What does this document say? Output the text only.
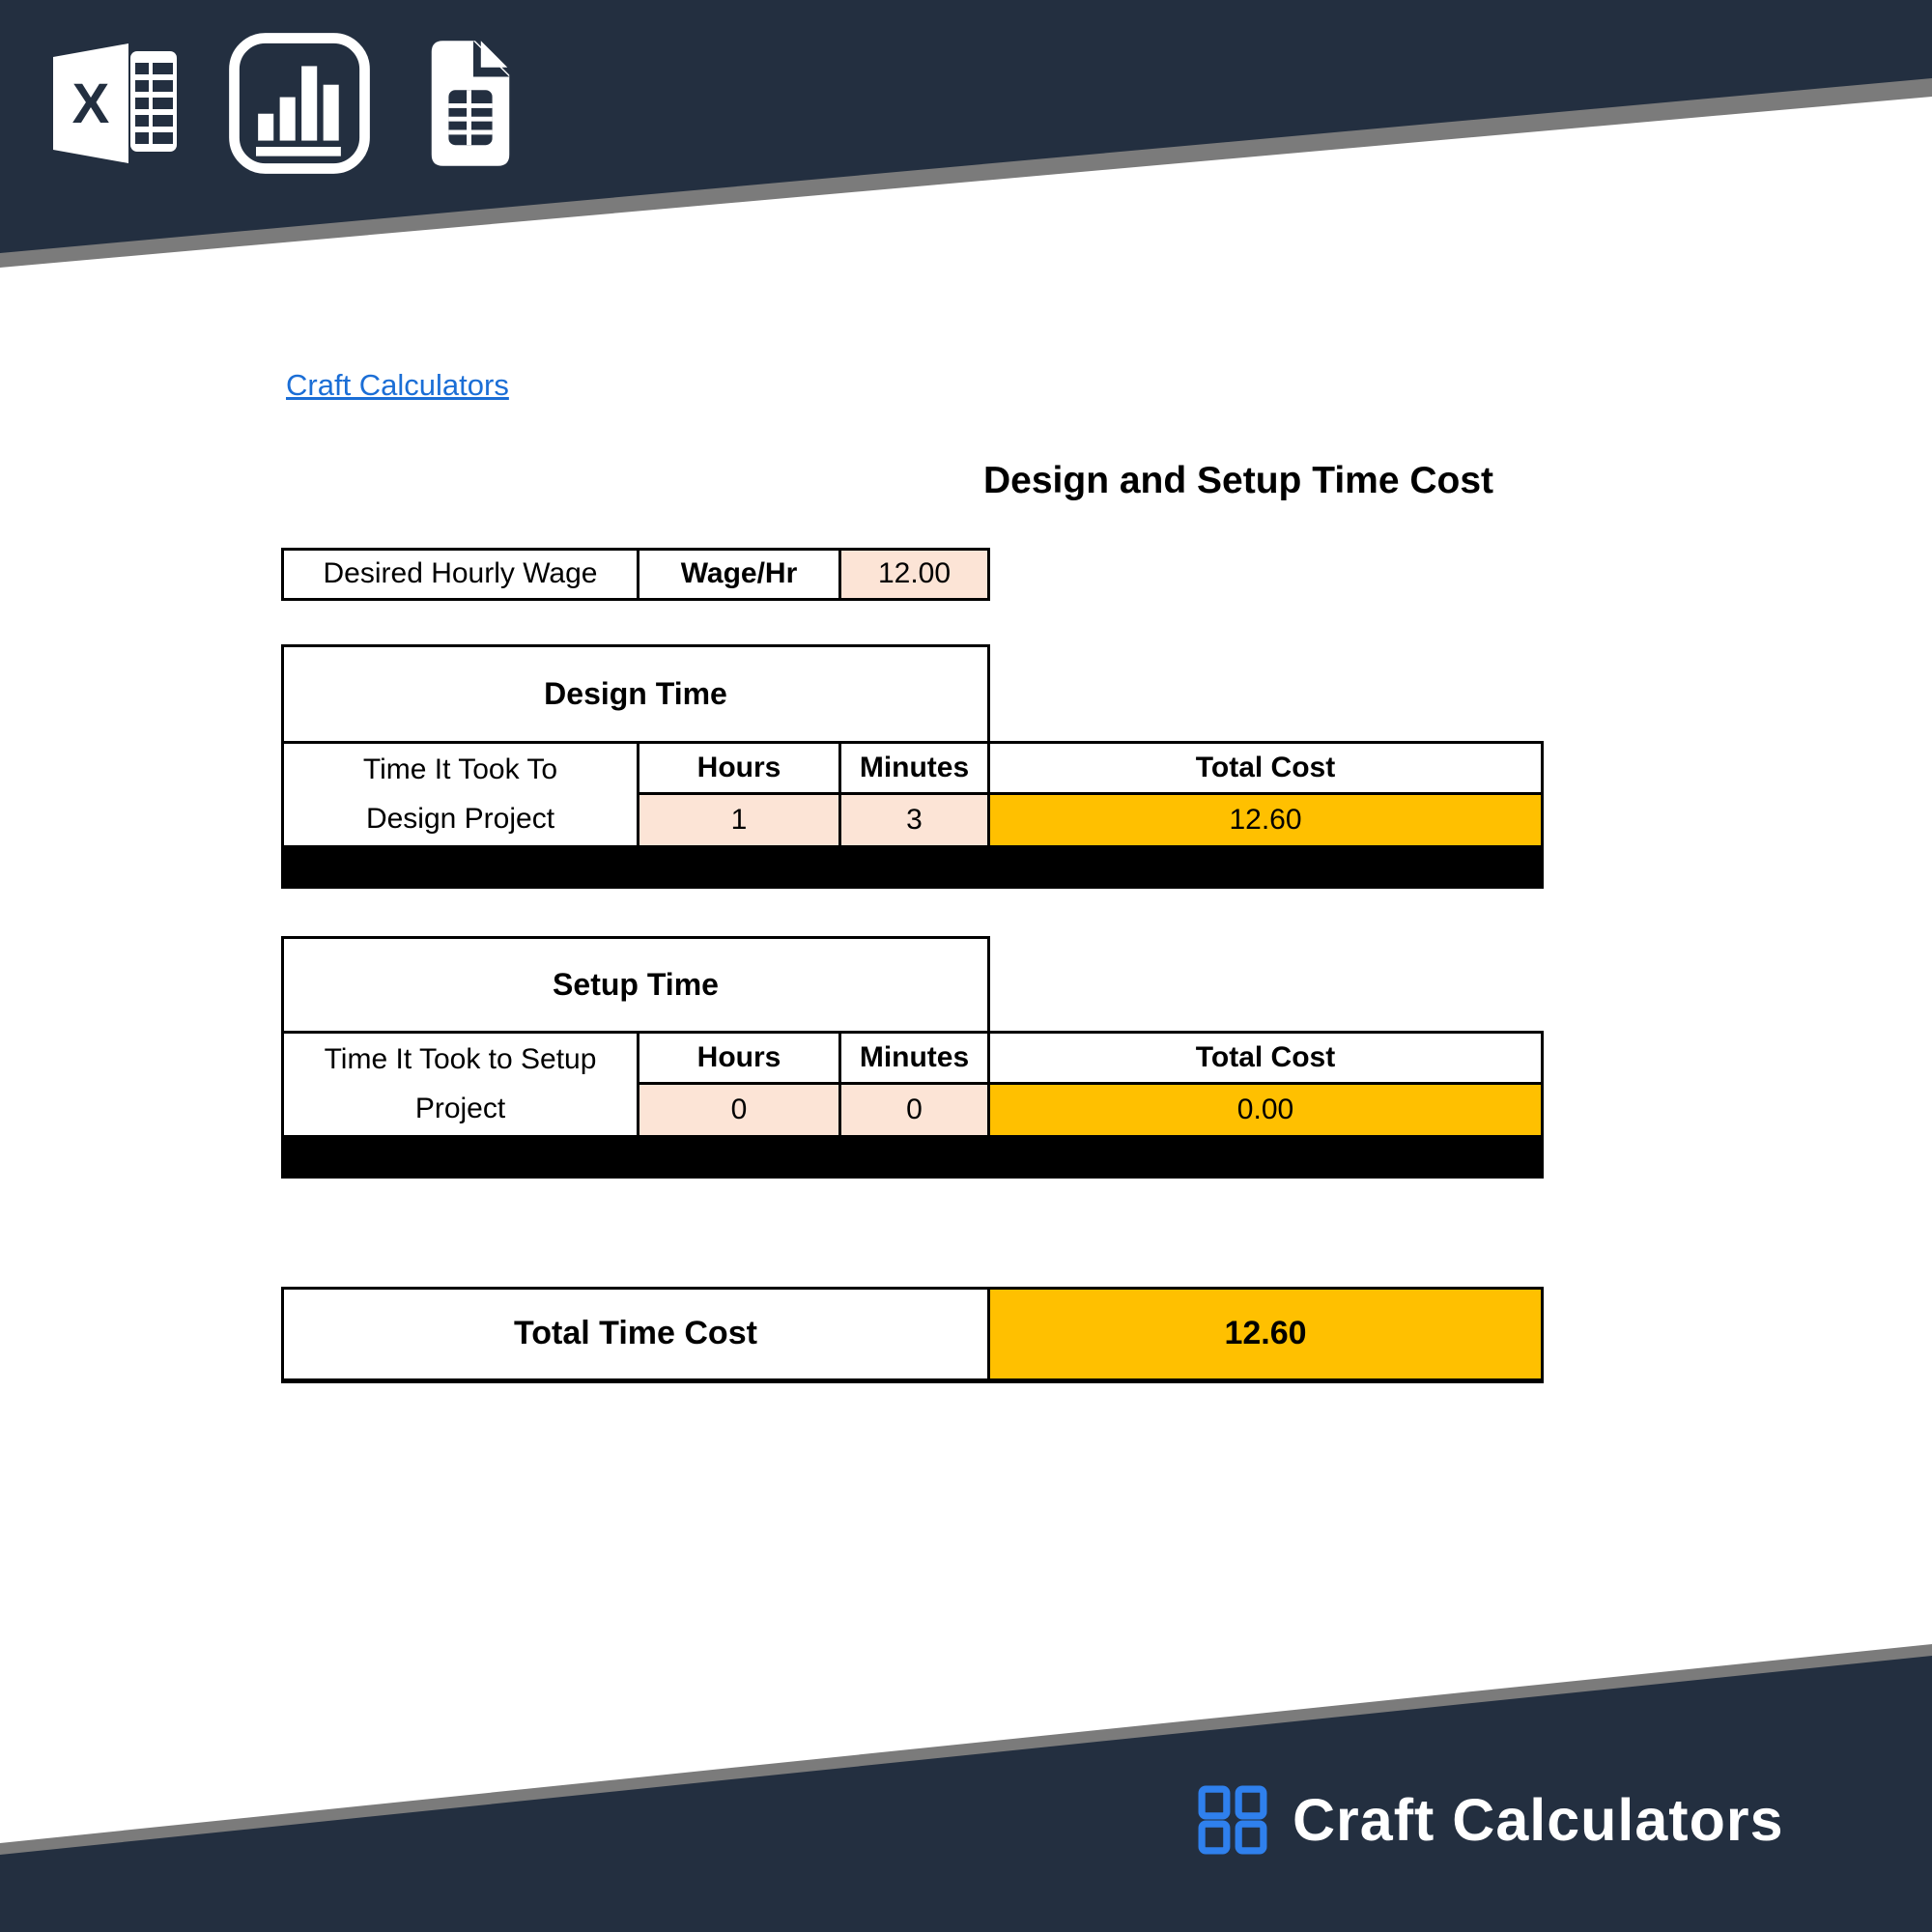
X
Craft Calculators
Design and Setup Time Cost
Desired Hourly Wage	Wage/Hr	12.00
Design Time
Time It Took To
Design Project
Hours	Minutes	Total Cost
1	3	12.60
Setup Time
Time It Took to Setup
Project
Hours	Minutes	Total Cost
0	0	0.00
Total Time Cost	12.60
Craft Calculators
